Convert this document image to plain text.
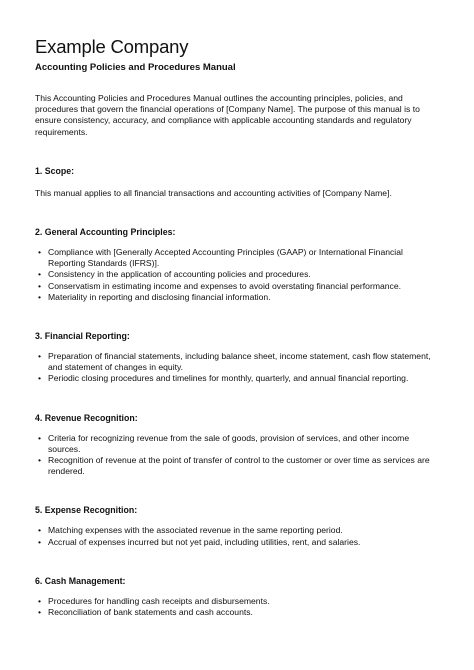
Example Company
Accounting Policies and Procedures Manual

This Accounting Policies and Procedures Manual outlines the accounting principles, policies, and procedures that govern the financial operations of [Company Name]. The purpose of this manual is to ensure consistency, accuracy, and compliance with applicable accounting standards and regulatory requirements.

1. Scope:

This manual applies to all financial transactions and accounting activities of [Company Name].

2. General Accounting Principles:
• Compliance with [Generally Accepted Accounting Principles (GAAP) or International Financial Reporting Standards (IFRS)].
• Consistency in the application of accounting policies and procedures.
• Conservatism in estimating income and expenses to avoid overstating financial performance.
• Materiality in reporting and disclosing financial information.
3. Financial Reporting:
• Preparation of financial statements, including balance sheet, income statement, cash flow statement, and statement of changes in equity.
• Periodic closing procedures and timelines for monthly, quarterly, and annual financial reporting.
4. Revenue Recognition:
• Criteria for recognizing revenue from the sale of goods, provision of services, and other income sources.
• Recognition of revenue at the point of transfer of control to the customer or over time as services are rendered.
5. Expense Recognition:
• Matching expenses with the associated revenue in the same reporting period.
• Accrual of expenses incurred but not yet paid, including utilities, rent, and salaries.
6. Cash Management:
• Procedures for handling cash receipts and disbursements.
• Reconciliation of bank statements and cash accounts.
